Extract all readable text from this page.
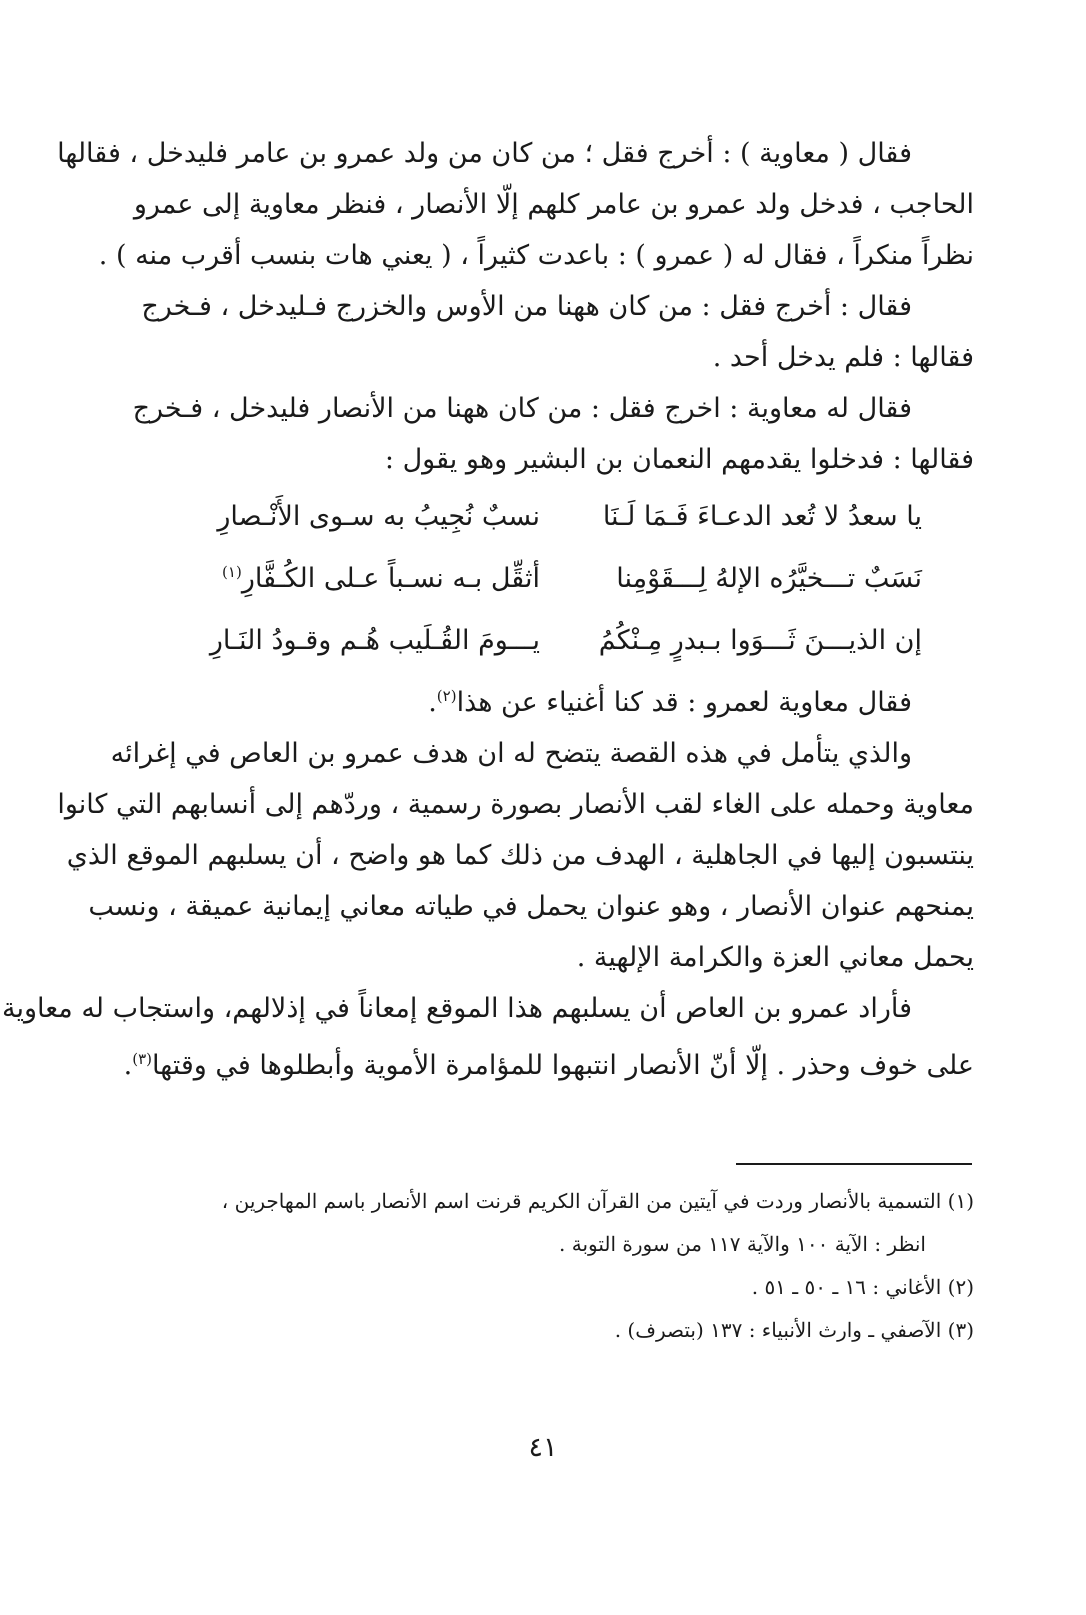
فقال ( معاوية ) : أخرج فقل ؛ من كان من ولد عمرو بن عامر فليدخل ، فقالها
الحاجب ، فدخل ولد عمرو بن عامر كلهم إلّا الأنصار ، فنظر معاوية إلى عمرو
نظراً منكراً ، فقال له ( عمرو ) : باعدت كثيراً ، ( يعني هات بنسب أقرب منه ) .

فقال : أخرج فقل : من كان ههنا من الأوس والخزرج فـليدخل ، فـخرج
فقالها : فلم يدخل أحد .

فقال له معاوية : اخرج فقل : من كان ههنا من الأنصار فليدخل ، فـخرج
فقالها : فدخلوا يقدمهم النعمان بن البشير وهو يقول :

يا سعدُ لا تُعد الدعـاءَ فَـمَا لَـنَا
نسبٌ نُجِيبُ به سـوى الأَنْـصارِ
نَسَبٌ تـــخيَّرُه الإلهُ لِـــقَوْمِنا
أثقِّل بـه نسـباً عـلى الكُـفَّارِ$^{(١)}$
إن الذيـــنَ ثَـــوَوا بـبدرٍ مِـنْكُمُ
يـــومَ القُـلَيب هُـم وقـودُ النَـارِ

فقال معاوية لعمرو : قد كنا أغنياء عن هذا$^{(٢)}$.

والذي يتأمل في هذه القصة يتضح له ان هدف عمرو بن العاص في إغرائه
معاوية وحمله على الغاء لقب الأنصار بصورة رسمية ، وردّهم إلى أنسابهم التي كانوا
ينتسبون إليها في الجاهلية ، الهدف من ذلك كما هو واضح ، أن يسلبهم الموقع الذي
يمنحهم عنوان الأنصار ، وهو عنوان يحمل في طياته معاني إيمانية عميقة ، ونسب
يحمل معاني العزة والكرامة الإلهية .

فأراد عمرو بن العاص أن يسلبهم هذا الموقع إمعاناً في إذلالهم، واستجاب له معاوية
على خوف وحذر . إلّا أنّ الأنصار انتبهوا للمؤامرة الأموية وأبطلوها في وقتها$^{(٣)}$.

(١) التسمية بالأنصار وردت في آيتين من القرآن الكريم قرنت اسم الأنصار باسم المهاجرين ،
انظر : الآية ١٠٠ والآية ١١٧ من سورة التوبة .
(٢) الأغاني : ١٦ ـ ٥٠ ـ ٥١ .
(٣) الآصفي ـ وارث الأنبياء : ١٣٧ (بتصرف) .
٤١
